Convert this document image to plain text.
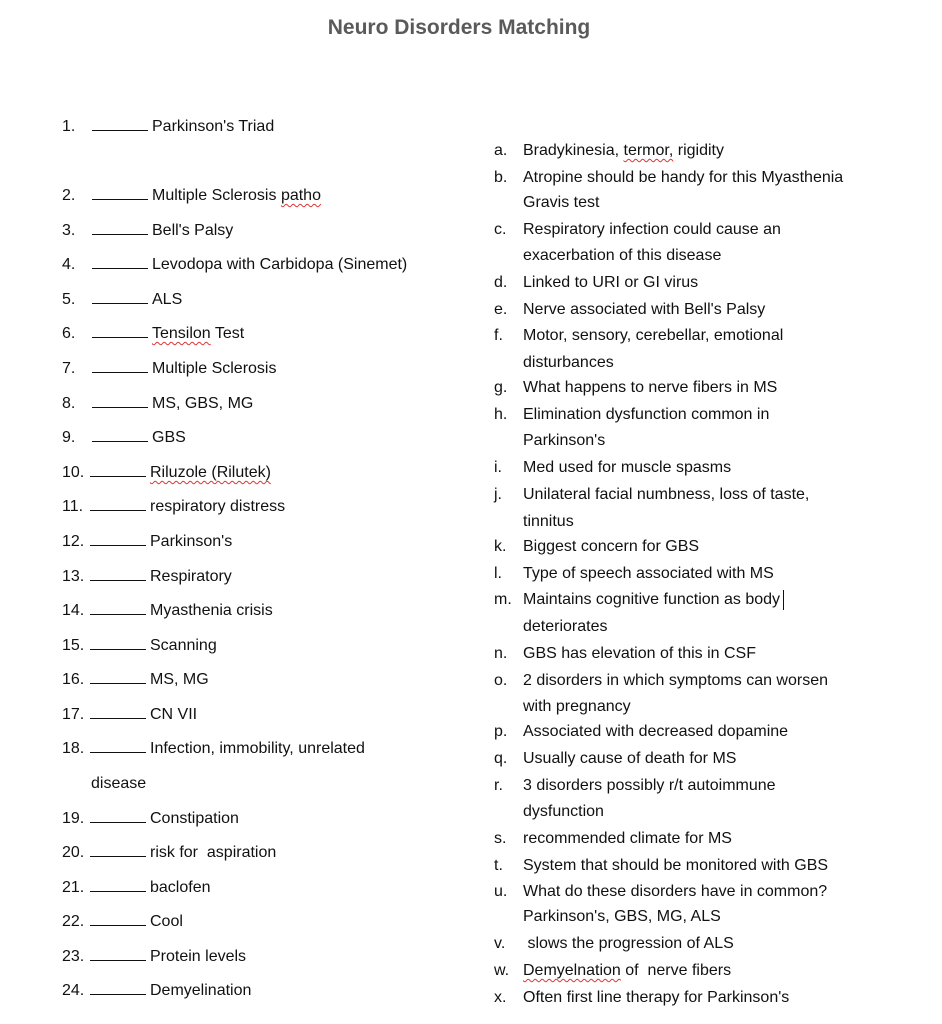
Neuro Disorders Matching
1.	Parkinson's Triad
2.	Multiple Sclerosis patho
3.	Bell's Palsy
4.	Levodopa with Carbidopa (Sinemet)
5.	ALS
6.	Tensilon Test
7.	Multiple Sclerosis
8.	MS, GBS, MG
9.	GBS
10.	Riluzole (Rilutek)
11.	respiratory distress
12.	Parkinson's
13.	Respiratory
14.	Myasthenia crisis
15.	Scanning
16.	MS, MG
17.	CN VII
18.	Infection, immobility, unrelated
disease
19.	Constipation
20.	risk for  aspiration
21.	baclofen
22.	Cool
23.	Protein levels
24.	Demyelination
a. Bradykinesia, termor, rigidity
b. Atropine should be handy for this Myasthenia
Gravis test
c. Respiratory infection could cause an
exacerbation of this disease
d. Linked to URI or GI virus
e. Nerve associated with Bell's Palsy
f. Motor, sensory, cerebellar, emotional
disturbances
g. What happens to nerve fibers in MS
h. Elimination dysfunction common in
Parkinson's
i. Med used for muscle spasms
j. Unilateral facial numbness, loss of taste,
tinnitus
k. Biggest concern for GBS
l. Type of speech associated with MS
m. Maintains cognitive function as body
deteriorates
n. GBS has elevation of this in CSF
o. 2 disorders in which symptoms can worsen
with pregnancy
p. Associated with decreased dopamine
q. Usually cause of death for MS
r. 3 disorders possibly r/t autoimmune
dysfunction
s. recommended climate for MS
t. System that should be monitored with GBS
u. What do these disorders have in common?
Parkinson's, GBS, MG, ALS
v. slows the progression of ALS
w. Demyelnation of  nerve fibers
x. Often first line therapy for Parkinson's
